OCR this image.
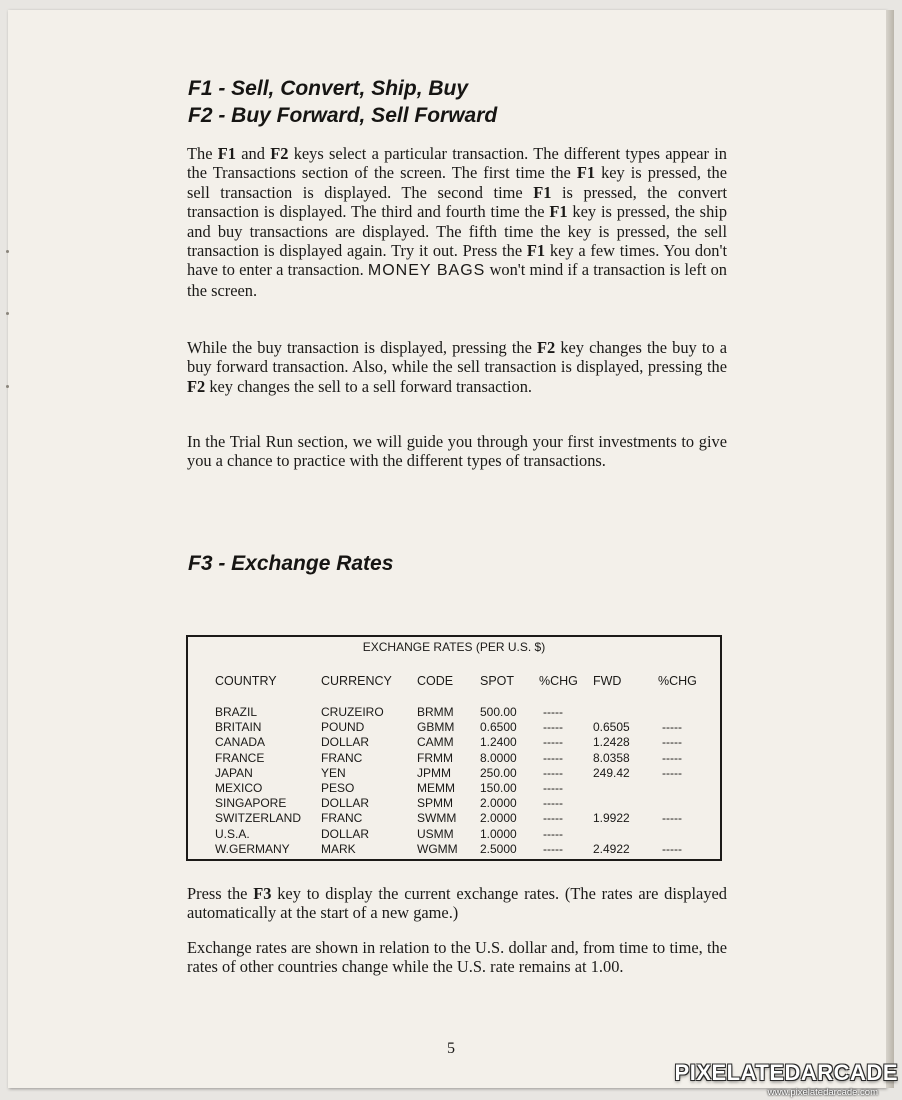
F1 - Sell, Convert, Ship, Buy
F2 - Buy Forward, Sell Forward

The F1 and F2 keys select a particular transaction. The different types appear in the Transactions section of the screen. The first time the F1 key is pressed, the sell transaction is displayed. The second time F1 is pressed, the convert transaction is displayed. The third and fourth time the F1 key is pressed, the ship and buy transactions are displayed. The fifth time the key is pressed, the sell transaction is displayed again. Try it out. Press the F1 key a few times. You don't have to enter a transaction. MONEY BAGS won't mind if a transaction is left on the screen.

While the buy transaction is displayed, pressing the F2 key changes the buy to a buy forward transaction. Also, while the sell transaction is displayed, pressing the F2 key changes the sell to a sell forward transaction.

In the Trial Run section, we will guide you through your first investments to give you a chance to practice with the different types of transactions.

F3 - Exchange Rates
EXCHANGE RATES (PER U.S. $)
COUNTRY	CURRENCY CODE SPOT %CHG FWD	%CHG
BRAZIL	CRUZEIRO	BRMM 500.00 -----
BRITAIN	POUND	GBMM 0.6500 -----	0.6505	-----
CANADA	DOLLAR	CAMM 1.2400 -----	1.2428	-----
FRANCE	FRANC	FRMM 8.0000 -----	8.0358	-----
JAPAN	YEN	JPMM 250.00 -----	249.42	-----
MEXICO	PESO	MEMM 150.00 -----
SINGAPORE	DOLLAR	SPMM 2.0000 -----
SWITZERLAND FRANC	SWMM 2.0000 -----	1.9922	-----
U.S.A.	DOLLAR	USMM 1.0000 -----
W.GERMANY	MARK	WGMM 2.5000 -----	2.4922	-----

Press the F3 key to display the current exchange rates. (The rates are displayed automatically at the start of a new game.)

Exchange rates are shown in relation to the U.S. dollar and, from time to time, the rates of other countries change while the U.S. rate remains at 1.00.

5
PIXELATEDARCADE
www.pixelatedarcade.com
